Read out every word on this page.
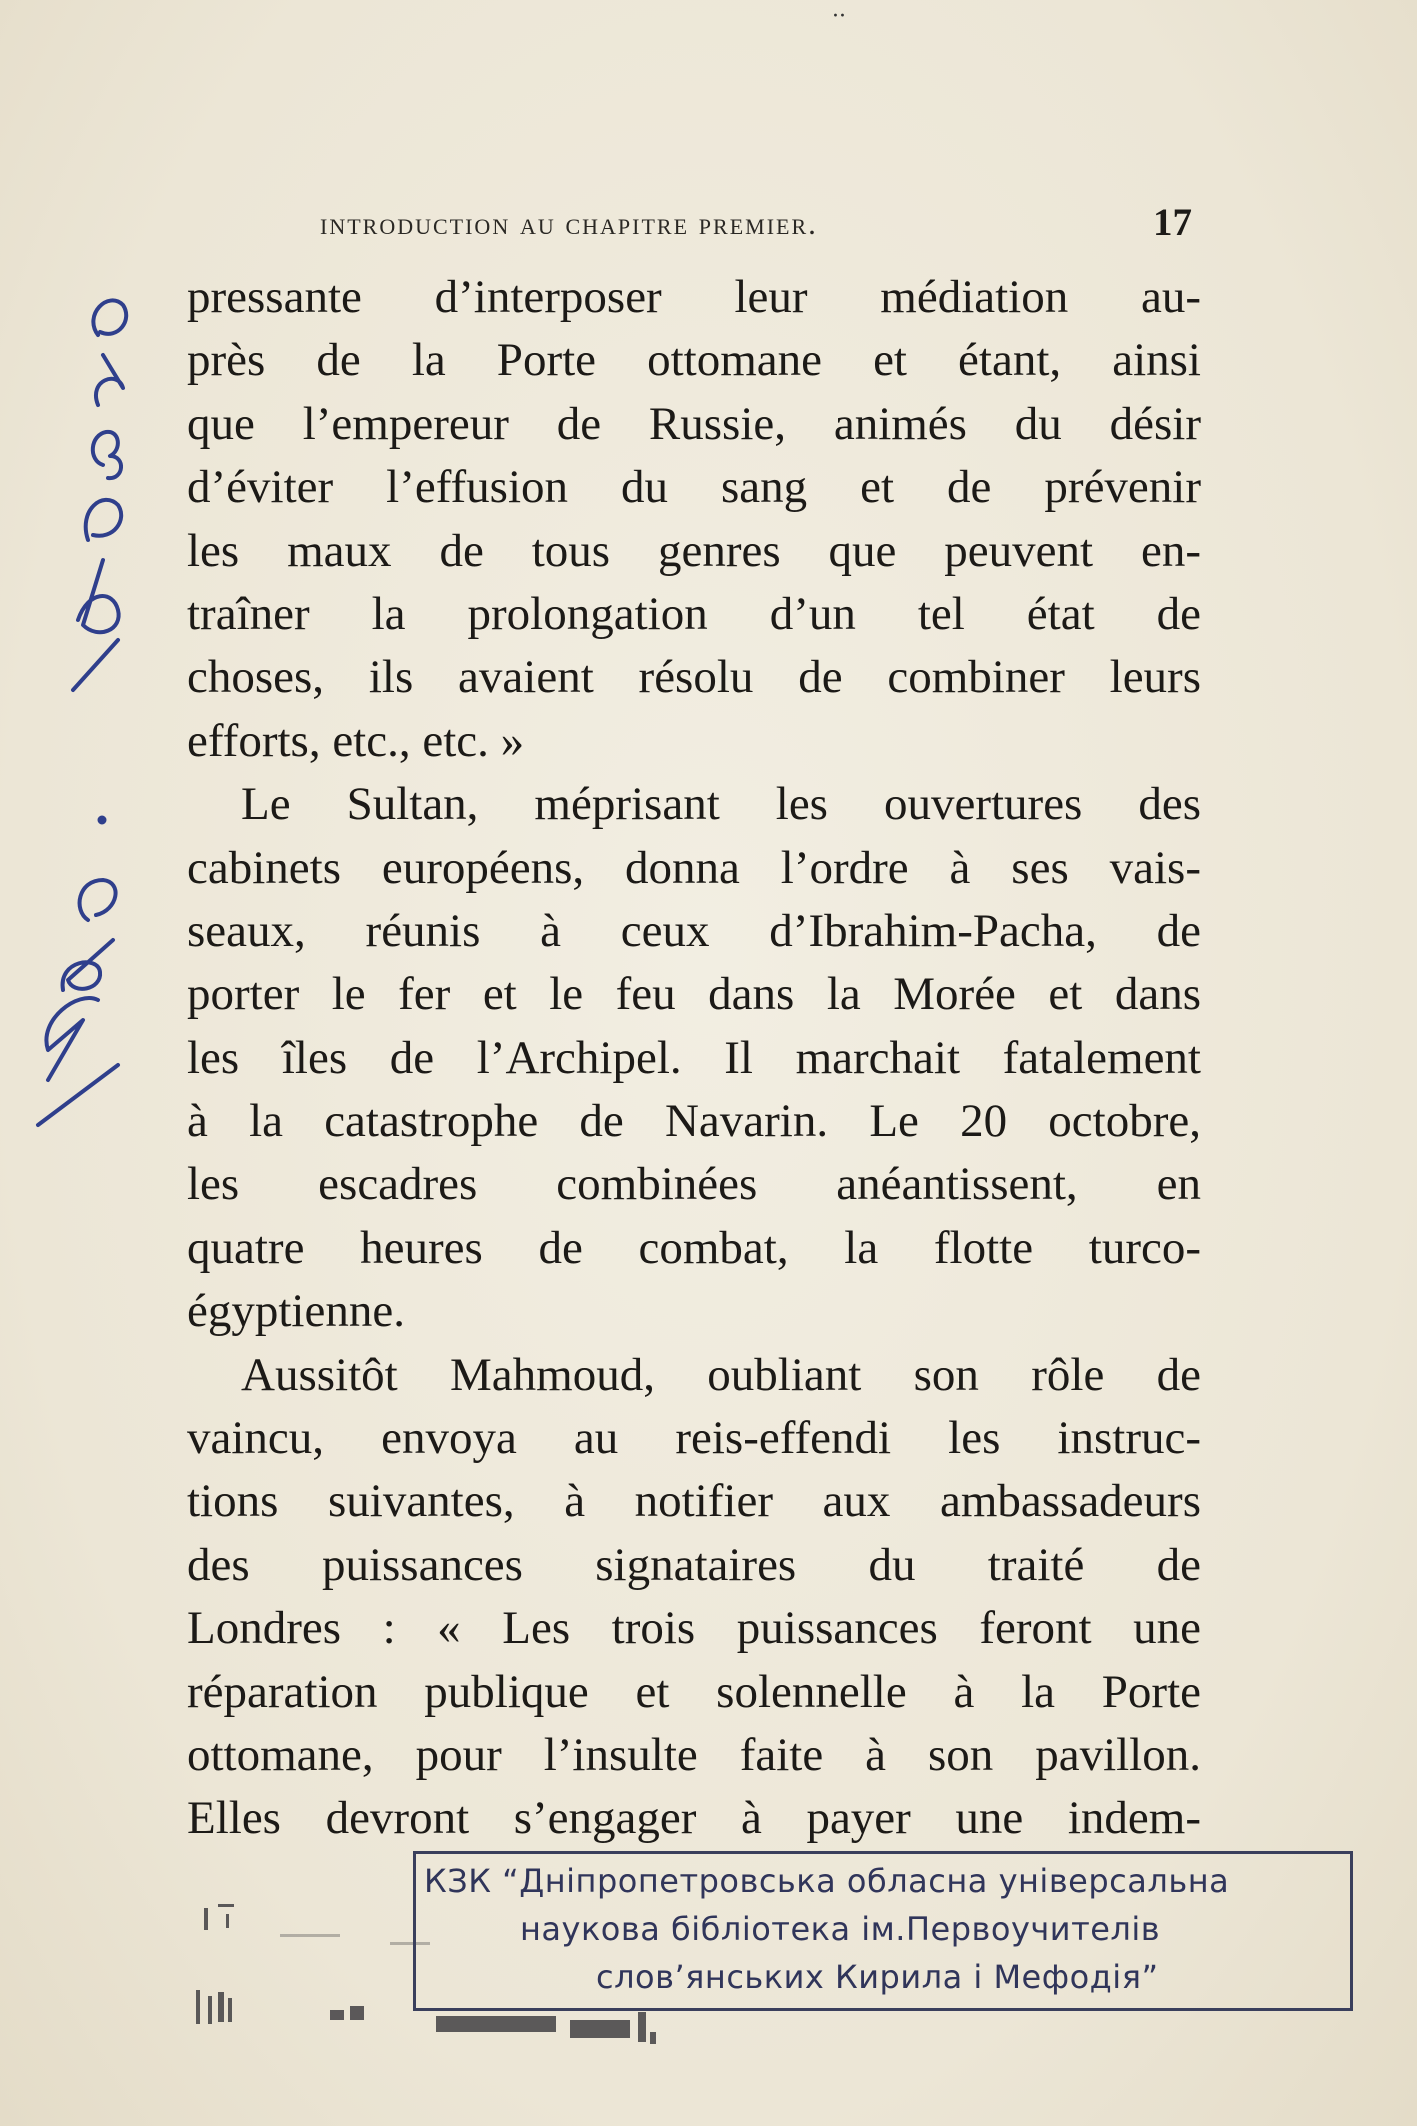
··
introduction au chapitre premier.	17
pressante d’interposer leur médiation au-
près de la Porte ottomane et étant, ainsi
que l’empereur de Russie, animés du désir
d’éviter l’effusion du sang et de prévenir
les maux de tous genres que peuvent en-
traîner la prolongation d’un tel état de
choses, ils avaient résolu de combiner leurs
efforts, etc., etc. »
Le Sultan, méprisant les ouvertures des
cabinets européens, donna l’ordre à ses vais-
seaux, réunis à ceux d’Ibrahim-Pacha, de
porter le fer et le feu dans la Morée et dans
les îles de l’Archipel. Il marchait fatalement
à la catastrophe de Navarin. Le 20 octobre,
les escadres combinées anéantissent, en
quatre heures de combat, la flotte turco-
égyptienne.
Aussitôt Mahmoud, oubliant son rôle de
vaincu, envoya au reis-effendi les instruc-
tions suivantes, à notifier aux ambassadeurs
des puissances signataires du traité de
Londres : « Les trois puissances feront une
réparation publique et solennelle à la Porte
ottomane, pour l’insulte faite à son pavillon.
Elles devront s’engager à payer une indem-
КЗК “Дніпропетровська обласна універсальна
наукова бібліотека ім.Первоучителів
слов’янських Кирила і Мефодія”
